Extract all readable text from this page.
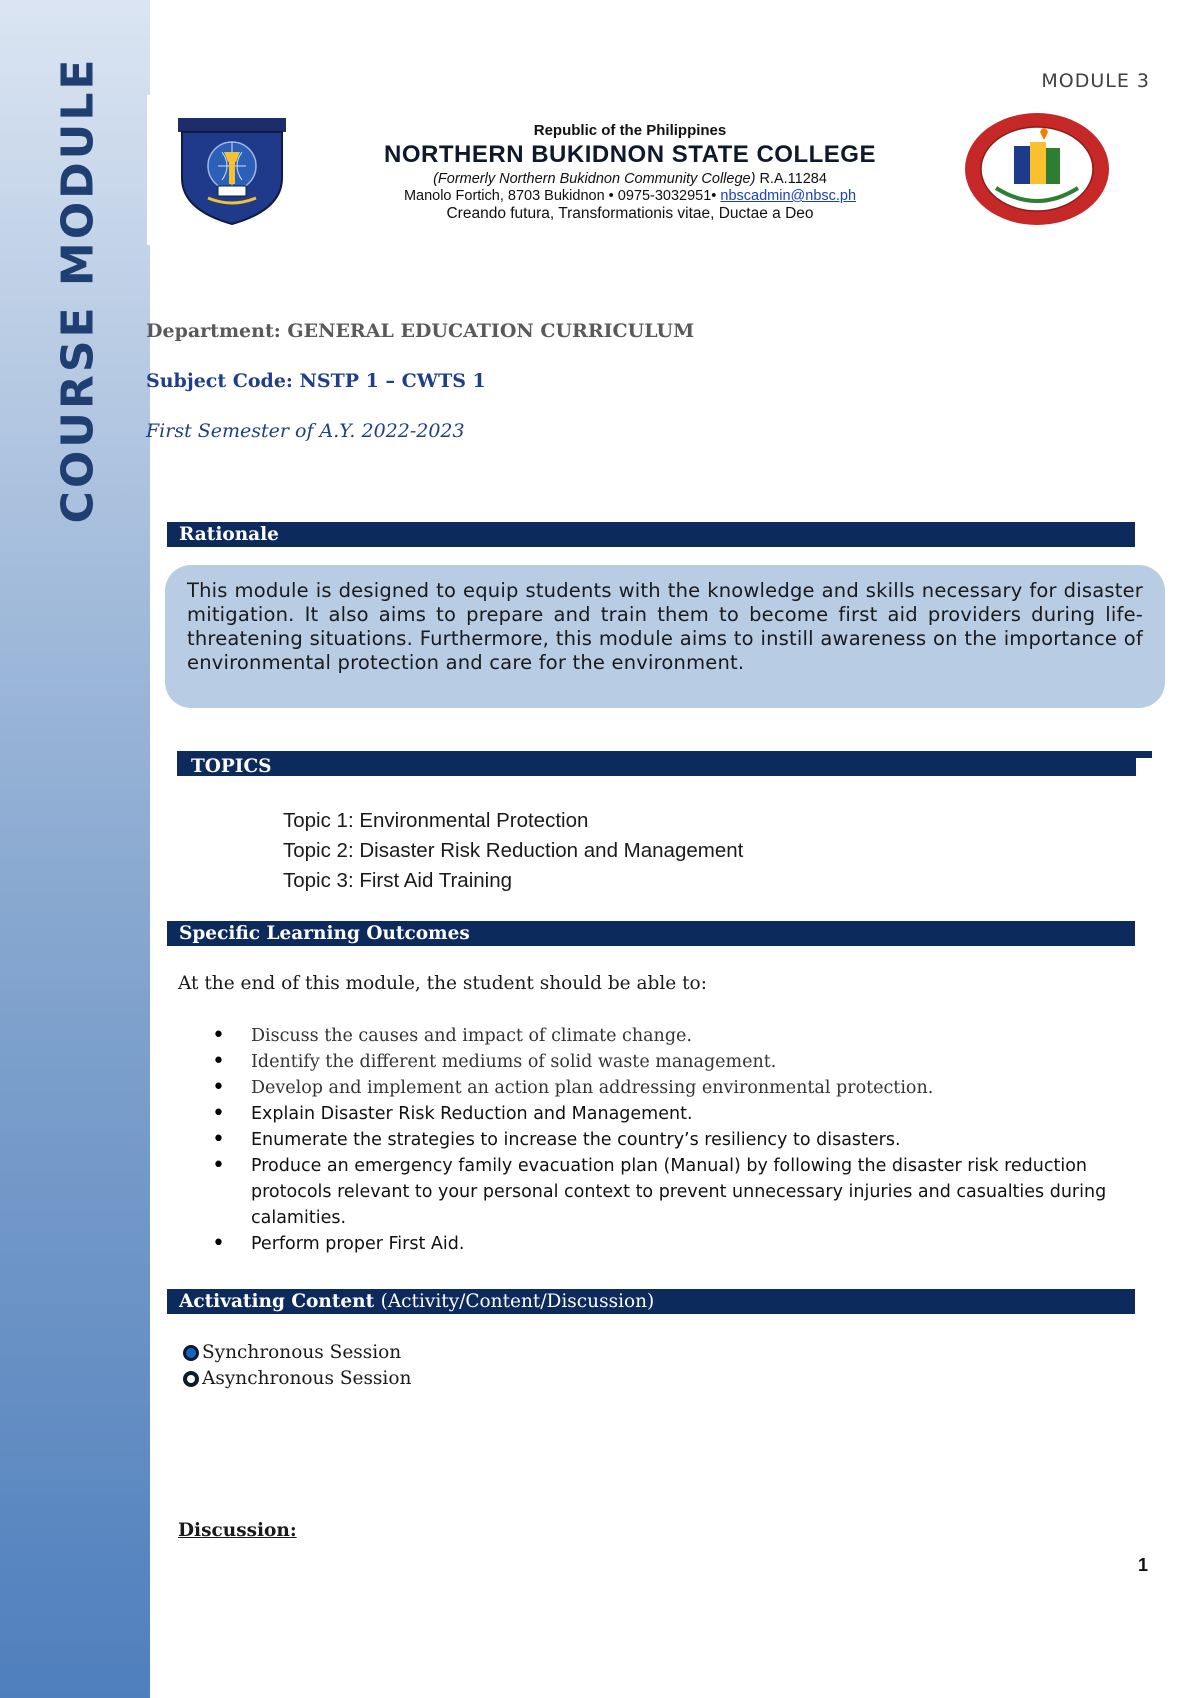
COURSE MODULE	MODULE 3
Republic of the Philippines
NORTHERN BUKIDNON STATE COLLEGE
(Formerly Northern Bukidnon Community College) R.A.11284
Manolo Fortich, 8703 Bukidnon • 0975-3032951• nbscadmin@nbsc.ph
Creando futura, Transformationis vitae, Ductae a Deo
Department: GENERAL EDUCATION CURRICULUM
Subject Code: NSTP 1 – CWTS 1
First Semester of A.Y. 2022-2023
Rationale
This module is designed to equip students with the knowledge and skills necessary for disaster mitigation. It also aims to prepare and train them to become first aid providers during life-threatening situations. Furthermore, this module aims to instill awareness on the importance of environmental protection and care for the environment.
TOPICS
Topic 1: Environmental Protection
Topic 2: Disaster Risk Reduction and Management
Topic 3: First Aid Training
Specific Learning Outcomes
At the end of this module, the student should be able to:
• Discuss the causes and impact of climate change.
• Identify the different mediums of solid waste management.
• Develop and implement an action plan addressing environmental protection.
• Explain Disaster Risk Reduction and Management.
• Enumerate the strategies to increase the country’s resiliency to disasters.
• Produce an emergency family evacuation plan (Manual) by following the disaster risk reduction protocols relevant to your personal context to prevent unnecessary injuries and casualties during calamities.
• Perform proper First Aid.
Activating Content (Activity/Content/Discussion)
Synchronous Session
Asynchronous Session
Discussion:
1
